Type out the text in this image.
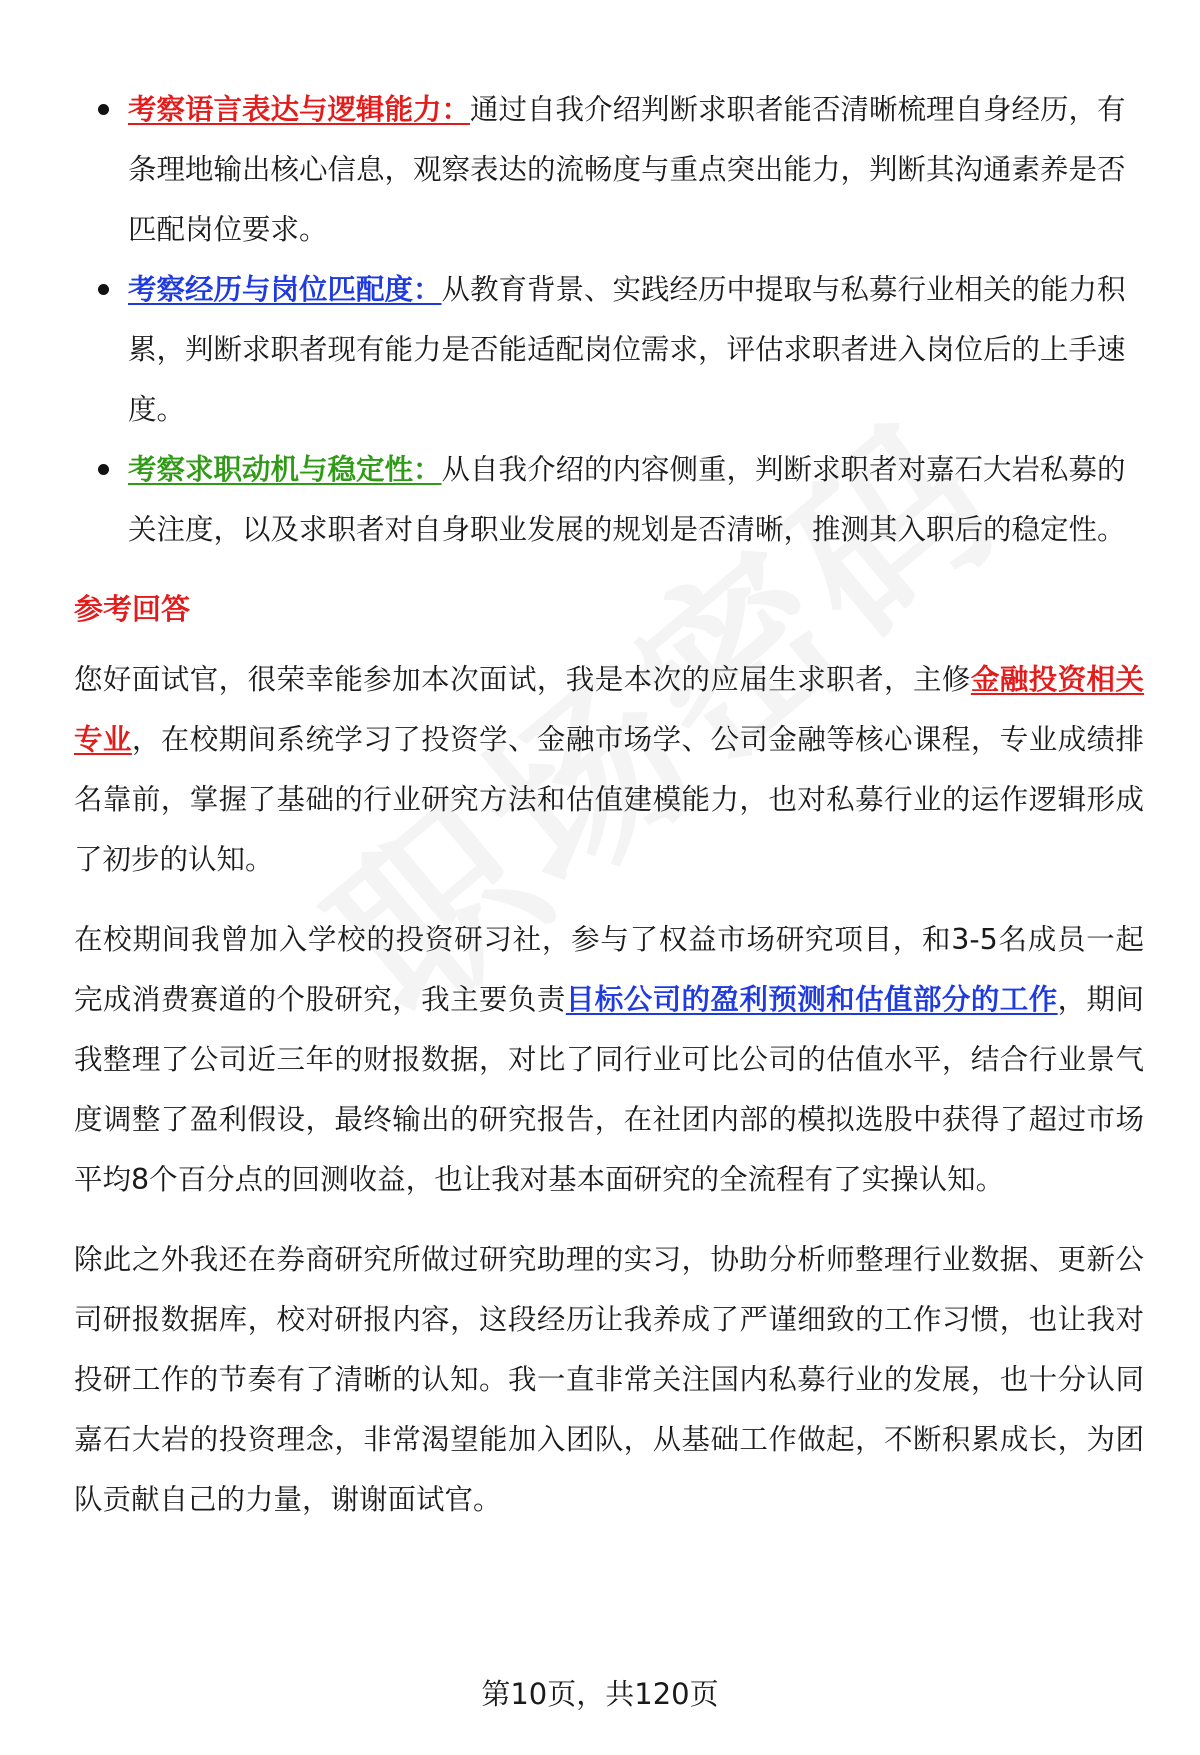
考察语言表达与逻辑能力：通过自我介绍判断求职者能否清晰梳理自身经历，有条理地输出核心信息，观察表达的流畅度与重点突出能力，判断其沟通素养是否匹配岗位要求。
考察经历与岗位匹配度：从教育背景、实践经历中提取与私募行业相关的能力积累，判断求职者现有能力是否能适配岗位需求，评估求职者进入岗位后的上手速度。
考察求职动机与稳定性：从自我介绍的内容侧重，判断求职者对嘉石大岩私募的关注度，以及求职者对自身职业发展的规划是否清晰，推测其入职后的稳定性。
参考回答

您好面试官，很荣幸能参加本次面试，我是本次的应届生求职者，主修金融投资相关专业，在校期间系统学习了投资学、金融市场学、公司金融等核心课程，专业成绩排名靠前，掌握了基础的行业研究方法和估值建模能力，也对私募行业的运作逻辑形成了初步的认知。

在校期间我曾加入学校的投资研习社，参与了权益市场研究项目，和3-5名成员一起完成消费赛道的个股研究，我主要负责目标公司的盈利预测和估值部分的工作，期间我整理了公司近三年的财报数据，对比了同行业可比公司的估值水平，结合行业景气度调整了盈利假设，最终输出的研究报告，在社团内部的模拟选股中获得了超过市场平均8个百分点的回测收益，也让我对基本面研究的全流程有了实操认知。

除此之外我还在券商研究所做过研究助理的实习，协助分析师整理行业数据、更新公司研报数据库，校对研报内容，这段经历让我养成了严谨细致的工作习惯，也让我对投研工作的节奏有了清晰的认知。我一直非常关注国内私募行业的发展，也十分认同嘉石大岩的投资理念，非常渴望能加入团队，从基础工作做起，不断积累成长，为团队贡献自己的力量，谢谢面试官。

第10页，共120页
